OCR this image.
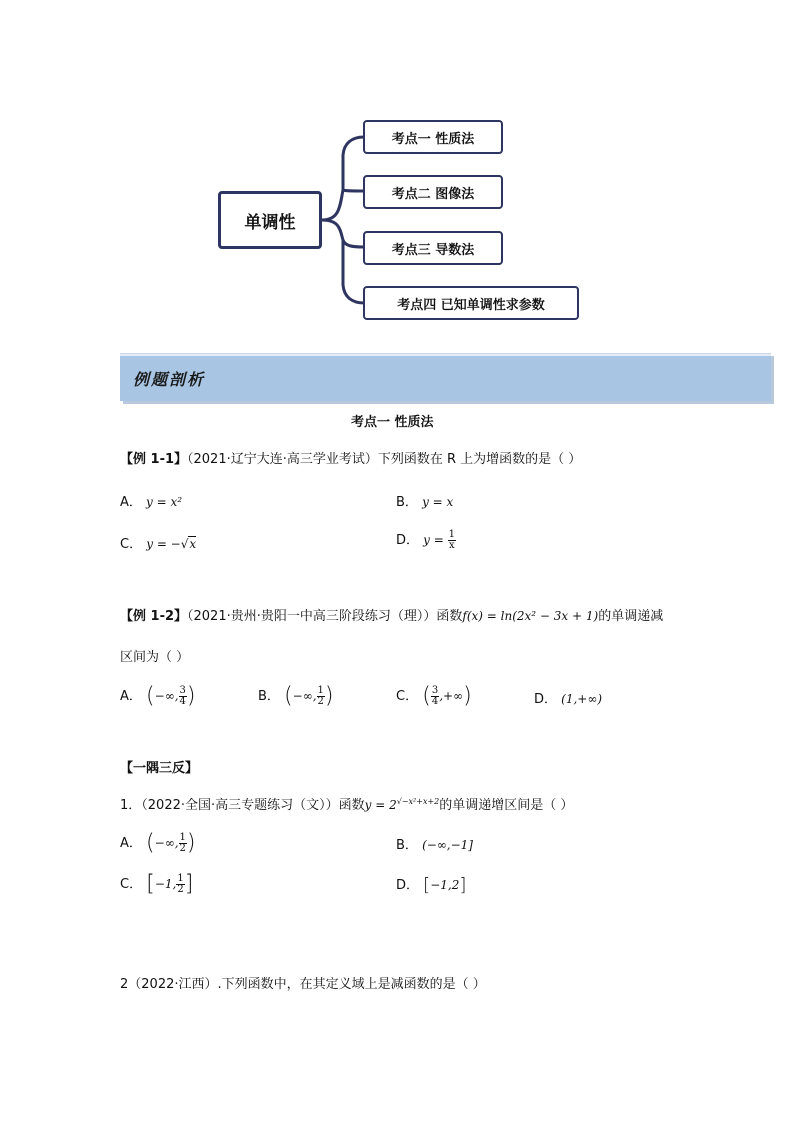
单调性
考点一 性质法
考点二 图像法
考点三 导数法
考点四 已知单调性求参数
例题剖析
考点一 性质法
【例 1-1】（2021·辽宁大连·高三学业考试）下列函数在 R 上为增函数的是（ ）
A． y = x²	B． y = x
C． y = −√x	D． $y = \frac{1}{x}$
【例 1-2】（2021·贵州·贵阳一中高三阶段练习（理））函数f(x) = ln(2x² − 3x + 1)的单调递减
区间为（ ）
A． (−∞, $\frac{3}{4}$ )	B． (−∞, $\frac{1}{2}$ )	C． ( $\frac{3}{4}$ ,+∞)	D． (1,+∞)
【一隅三反】
1．（2022·全国·高三专题练习（文））函数$y = 2^{√-x^2+x+2}$的单调递增区间是（ ）
A． (−∞, $\frac{1}{2}$ )	B． (−∞,−1]
C． [−1, $\frac{1}{2}$ ]	D． [−1,2]
2（2022·江西）.下列函数中，在其定义域上是减函数的是（ ）
